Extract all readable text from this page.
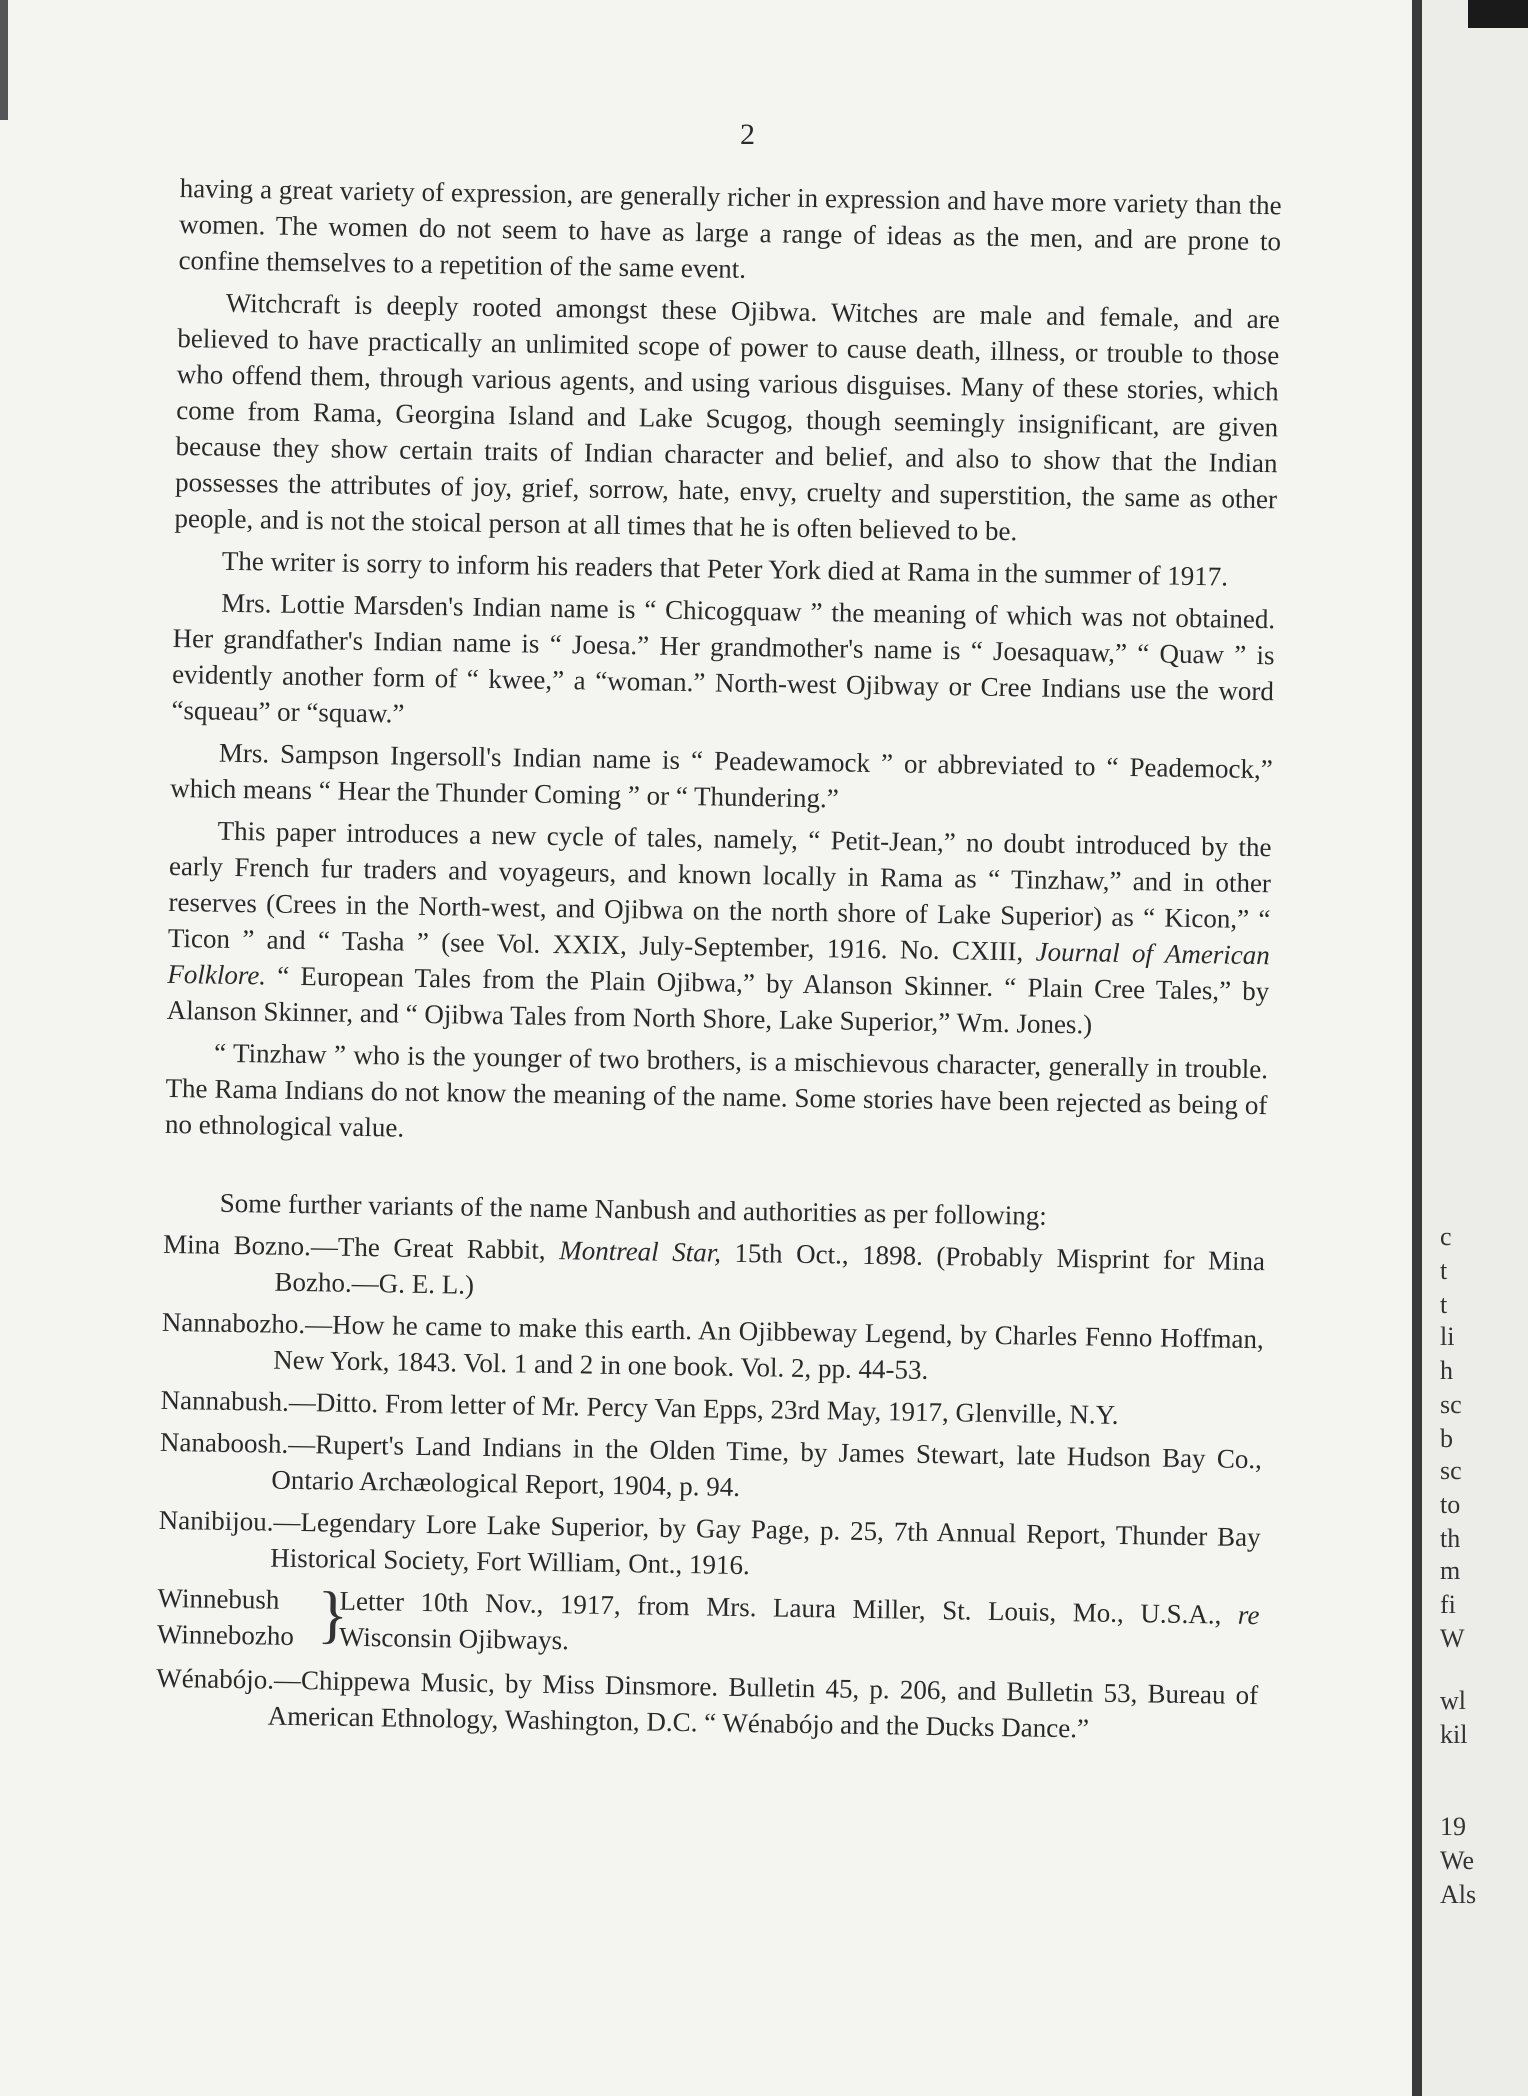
2

having a great variety of expression, are generally richer in expression and have more variety than the women. The women do not seem to have as large a range of ideas as the men, and are prone to confine themselves to a repetition of the same event.

Witchcraft is deeply rooted amongst these Ojibwa. Witches are male and female, and are believed to have practically an unlimited scope of power to cause death, illness, or trouble to those who offend them, through various agents, and using various disguises. Many of these stories, which come from Rama, Georgina Island and Lake Scugog, though seemingly insignificant, are given because they show certain traits of Indian character and belief, and also to show that the Indian possesses the attributes of joy, grief, sorrow, hate, envy, cruelty and superstition, the same as other people, and is not the stoical person at all times that he is often believed to be.

The writer is sorry to inform his readers that Peter York died at Rama in the summer of 1917.

Mrs. Lottie Marsden's Indian name is “ Chicogquaw ” the meaning of which was not obtained. Her grandfather's Indian name is “ Joesa.” Her grandmother's name is “ Joesaquaw,” “ Quaw ” is evidently another form of “ kwee,” a “woman.” North-west Ojibway or Cree Indians use the word “squeau” or “squaw.”

Mrs. Sampson Ingersoll's Indian name is “ Peadewamock ” or abbreviated to “ Peademock,” which means “ Hear the Thunder Coming ” or “ Thundering.”

This paper introduces a new cycle of tales, namely, “ Petit-Jean,” no doubt introduced by the early French fur traders and voyageurs, and known locally in Rama as “ Tinzhaw,” and in other reserves (Crees in the North-west, and Ojibwa on the north shore of Lake Superior) as “ Kicon,” “ Ticon ” and “ Tasha ” (see Vol. XXIX, July-September, 1916. No. CXIII, Journal of American Folklore. “ European Tales from the Plain Ojibwa,” by Alanson Skinner. “ Plain Cree Tales,” by Alanson Skinner, and “ Ojibwa Tales from North Shore, Lake Superior,” Wm. Jones.)

“ Tinzhaw ” who is the younger of two brothers, is a mischievous character, generally in trouble. The Rama Indians do not know the meaning of the name. Some stories have been rejected as being of no ethnological value.

Some further variants of the name Nanbush and authorities as per following:

Mina Bozno.—The Great Rabbit, Montreal Star, 15th Oct., 1898. (Probably Misprint for Mina Bozho.—G. E. L.)

Nannabozho.—How he came to make this earth. An Ojibbeway Legend, by Charles Fenno Hoffman, New York, 1843. Vol. 1 and 2 in one book. Vol. 2, pp. 44-53.

Nannabush.—Ditto. From letter of Mr. Percy Van Epps, 23rd May, 1917, Glenville, N.Y.

Nanaboosh.—Rupert's Land Indians in the Olden Time, by James Stewart, late Hudson Bay Co., Ontario Archæological Report, 1904, p. 94.

Nanibijou.—Legendary Lore Lake Superior, by Gay Page, p. 25, 7th Annual Report, Thunder Bay Historical Society, Fort William, Ont., 1916.

Winnebush
Winnebozho }
Letter 10th Nov., 1917, from Mrs. Laura Miller, St. Louis, Mo., U.S.A., re Wisconsin Ojibways.

Wénabójo.—Chippewa Music, by Miss Dinsmore. Bulletin 45, p. 206, and Bulletin 53, Bureau of American Ethnology, Washington, D.C. “ Wénabójo and the Ducks Dance.”

c
t
t
li
h
sc
b
sc
to
th
m
fi
W
wl
kil
19
We
Als
